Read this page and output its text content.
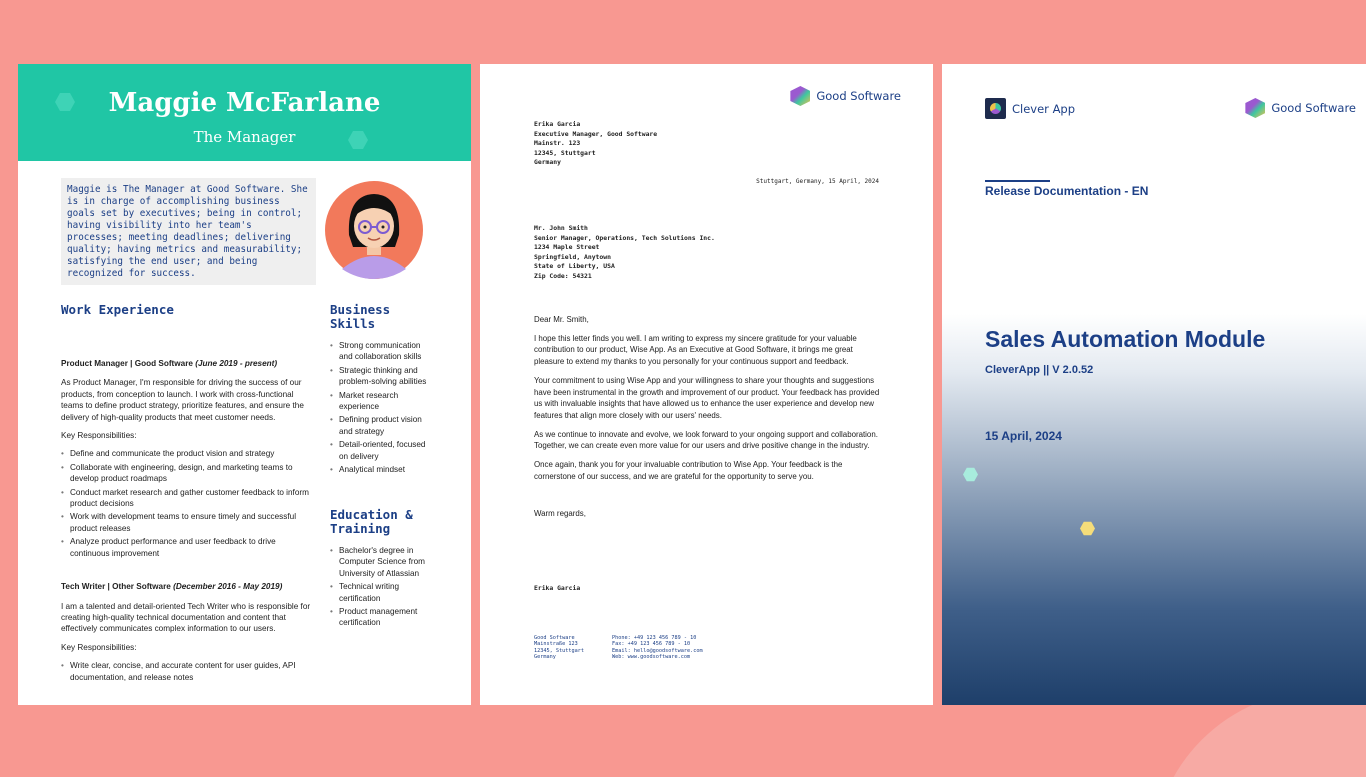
Maggie McFarlane
The Manager
Maggie is The Manager at Good Software. She is in charge of accomplishing business goals set by executives; being in control; having visibility into her team's processes; meeting deadlines; delivering quality; having metrics and measurability; satisfying the end user; and being recognized for success.
Work Experience
Product Manager | Good Software (June 2019 - present)

As Product Manager, I'm responsible for driving the success of our products, from conception to launch. I work with cross-functional teams to define product strategy, prioritize features, and ensure the delivery of high-quality products that meet customer needs.

Key Responsibilities:

• Define and communicate the product vision and strategy
• Collaborate with engineering, design, and marketing teams to develop product roadmaps
• Conduct market research and gather customer feedback to inform product decisions
• Work with development teams to ensure timely and successful product releases
• Analyze product performance and user feedback to drive continuous improvement
Tech Writer | Other Software (December 2016 - May 2019)

I am a talented and detail-oriented Tech Writer who is responsible for creating high-quality technical documentation and content that effectively communicates complex information to our users.

Key Responsibilities:

• Write clear, concise, and accurate content for user guides, API documentation, and release notes
Business Skills
• Strong communication and collaboration skills
• Strategic thinking and problem-solving abilities
• Market research experience
• Defining product vision and strategy
• Detail-oriented, focused on delivery
• Analytical mindset
Education & Training
• Bachelor's degree in Computer Science from University of Atlassian
• Technical writing certification
• Product management certification
Good Software
Erika Garcia
Executive Manager, Good Software
Mainstr. 123
12345, Stuttgart
Germany
Stuttgart, Germany, 15 April, 2024
Mr. John Smith
Senior Manager, Operations, Tech Solutions Inc.
1234 Maple Street
Springfield, Anytown
State of Liberty, USA
Zip Code: 54321

Dear Mr. Smith,

I hope this letter finds you well. I am writing to express my sincere gratitude for your valuable contribution to our product, Wise App. As an Executive at Good Software, it brings me great pleasure to extend my thanks to you personally for your continuous support and feedback.

Your commitment to using Wise App and your willingness to share your thoughts and suggestions have been instrumental in the growth and improvement of our product. Your feedback has provided us with invaluable insights that have allowed us to enhance the user experience and develop new features that align more closely with our users' needs.

As we continue to innovate and evolve, we look forward to your ongoing support and collaboration. Together, we can create even more value for our users and drive positive change in the industry.

Once again, thank you for your invaluable contribution to Wise App. Your feedback is the cornerstone of our success, and we are grateful for the opportunity to serve you.

Warm regards,
Erika Garcia
Good Software
Mainstraße 123
12345, Stuttgart
Germany
Phone: +49 123 456 789 - 10
Fax: +49 123 456 789 - 10
Email: hello@goodsoftware.com
Web: www.goodsoftware.com
Clever App	Good Software
Release Documentation - EN
Sales Automation Module
CleverApp || V 2.0.52
15 April, 2024
